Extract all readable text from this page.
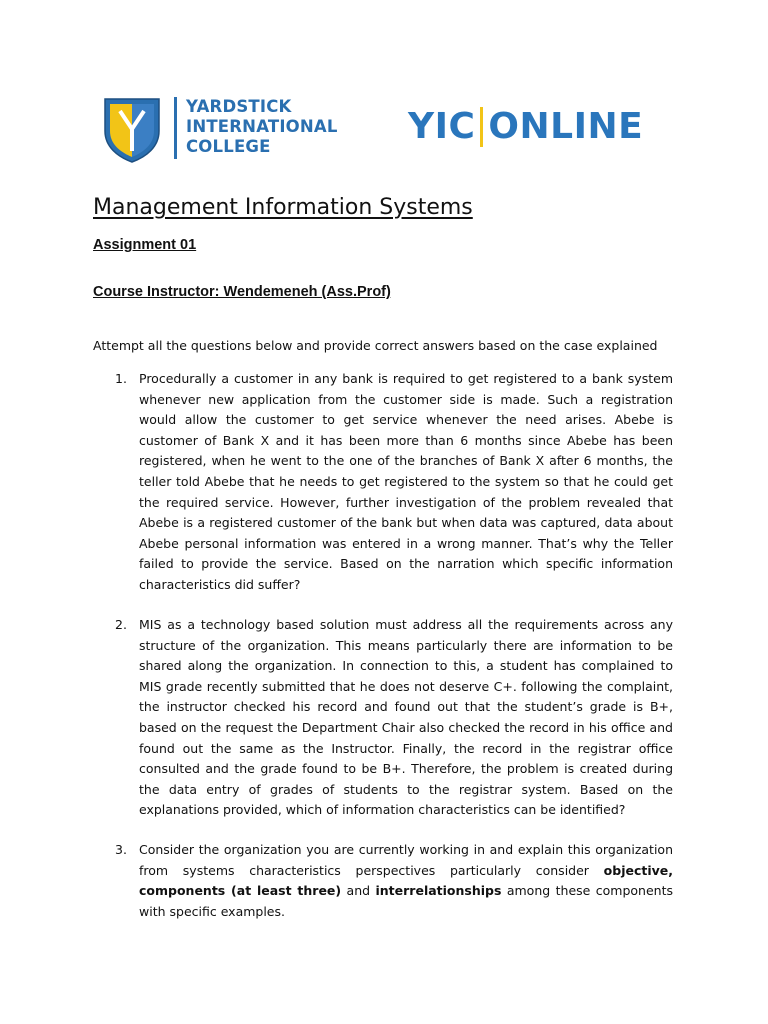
YARDSTICK
INTERNATIONAL
COLLEGE	YIC ONLINE
Management Information Systems
Assignment 01
Course Instructor: Wendemeneh (Ass.Prof)
Attempt all the questions below and provide correct answers based on the case explained
1. Procedurally a customer in any bank is required to get registered to a bank system whenever new application from the customer side is made. Such a registration would allow the customer to get service whenever the need arises. Abebe is customer of Bank X and it has been more than 6 months since Abebe has been registered, when he went to the one of the branches of Bank X after 6 months, the teller told Abebe that he needs to get registered to the system so that he could get the required service. However, further investigation of the problem revealed that Abebe is a registered customer of the bank but when data was captured, data about Abebe personal information was entered in a wrong manner. That’s why the Teller failed to provide the service. Based on the narration which specific information characteristics did suffer?
2. MIS as a technology based solution must address all the requirements across any structure of the organization. This means particularly there are information to be shared along the organization. In connection to this, a student has complained to MIS grade recently submitted that he does not deserve C+. following the complaint, the instructor checked his record and found out that the student’s grade is B+, based on the request the Department Chair also checked the record in his office and found out the same as the Instructor. Finally, the record in the registrar office consulted and the grade found to be B+. Therefore, the problem is created during the data entry of grades of students to the registrar system. Based on the explanations provided, which of information characteristics can be identified?
3. Consider the organization you are currently working in and explain this organization from systems characteristics perspectives particularly consider objective, components (at least three) and interrelationships among these components with specific examples.
